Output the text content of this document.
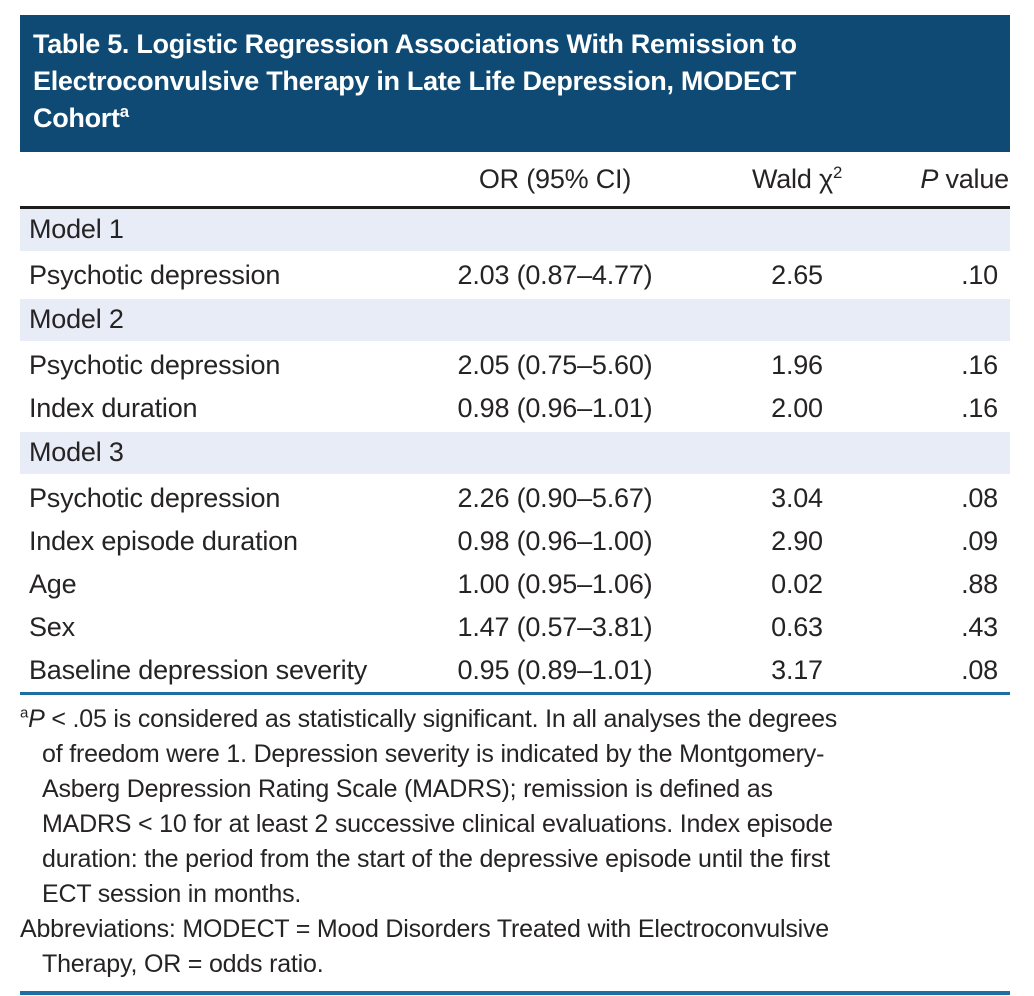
Table 5. Logistic Regression Associations With Remission to
Electroconvulsive Therapy in Late Life Depression, MODECT
Cohort$^a$
	OR (95% CI)	Wald $\chi^2$	P value
Model 1			
Psychotic depression	2.03 (0.87–4.77)	2.65	.10
Model 2			
Psychotic depression	2.05 (0.75–5.60)	1.96	.16
Index duration	0.98 (0.96–1.01)	2.00	.16
Model 3			
Psychotic depression	2.26 (0.90–5.67)	3.04	.08
Index episode duration	0.98 (0.96–1.00)	2.90	.09
Age	1.00 (0.95–1.06)	0.02	.88
Sex	1.47 (0.57–3.81)	0.63	.43
Baseline depression severity	0.95 (0.89–1.01)	3.17	.08
$^a$P < .05 is considered as statistically significant. In all analyses the degrees
of freedom were 1. Depression severity is indicated by the Montgomery-
Asberg Depression Rating Scale (MADRS); remission is defined as
MADRS < 10 for at least 2 successive clinical evaluations. Index episode
duration: the period from the start of the depressive episode until the first
ECT session in months.
Abbreviations: MODECT = Mood Disorders Treated with Electroconvulsive
Therapy, OR = odds ratio.
